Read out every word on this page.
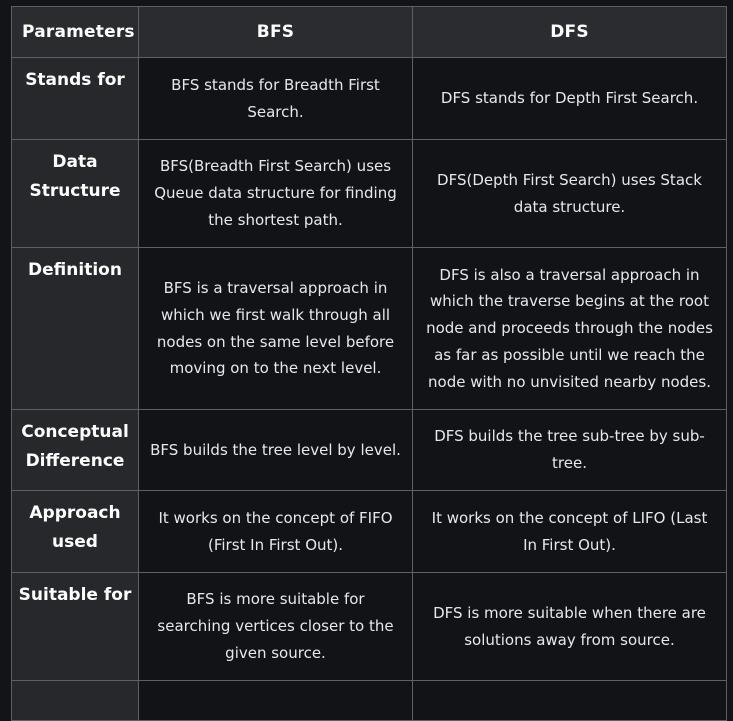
Parameters	BFS	DFS
Stands for	BFS stands for Breadth First Search.	DFS stands for Depth First Search.
Data Structure	BFS(Breadth First Search) uses Queue data structure for finding the shortest path.	DFS(Depth First Search) uses Stack data structure.
Definition	BFS is a traversal approach in which we first walk through all nodes on the same level before moving on to the next level.	DFS is also a traversal approach in which the traverse begins at the root node and proceeds through the nodes as far as possible until we reach the node with no unvisited nearby nodes.
Conceptual Difference	BFS builds the tree level by level.	DFS builds the tree sub-tree by sub-tree.
Approach used	It works on the concept of FIFO (First In First Out).	It works on the concept of LIFO (Last In First Out).
Suitable for	BFS is more suitable for searching vertices closer to the given source.	DFS is more suitable when there are solutions away from source.
